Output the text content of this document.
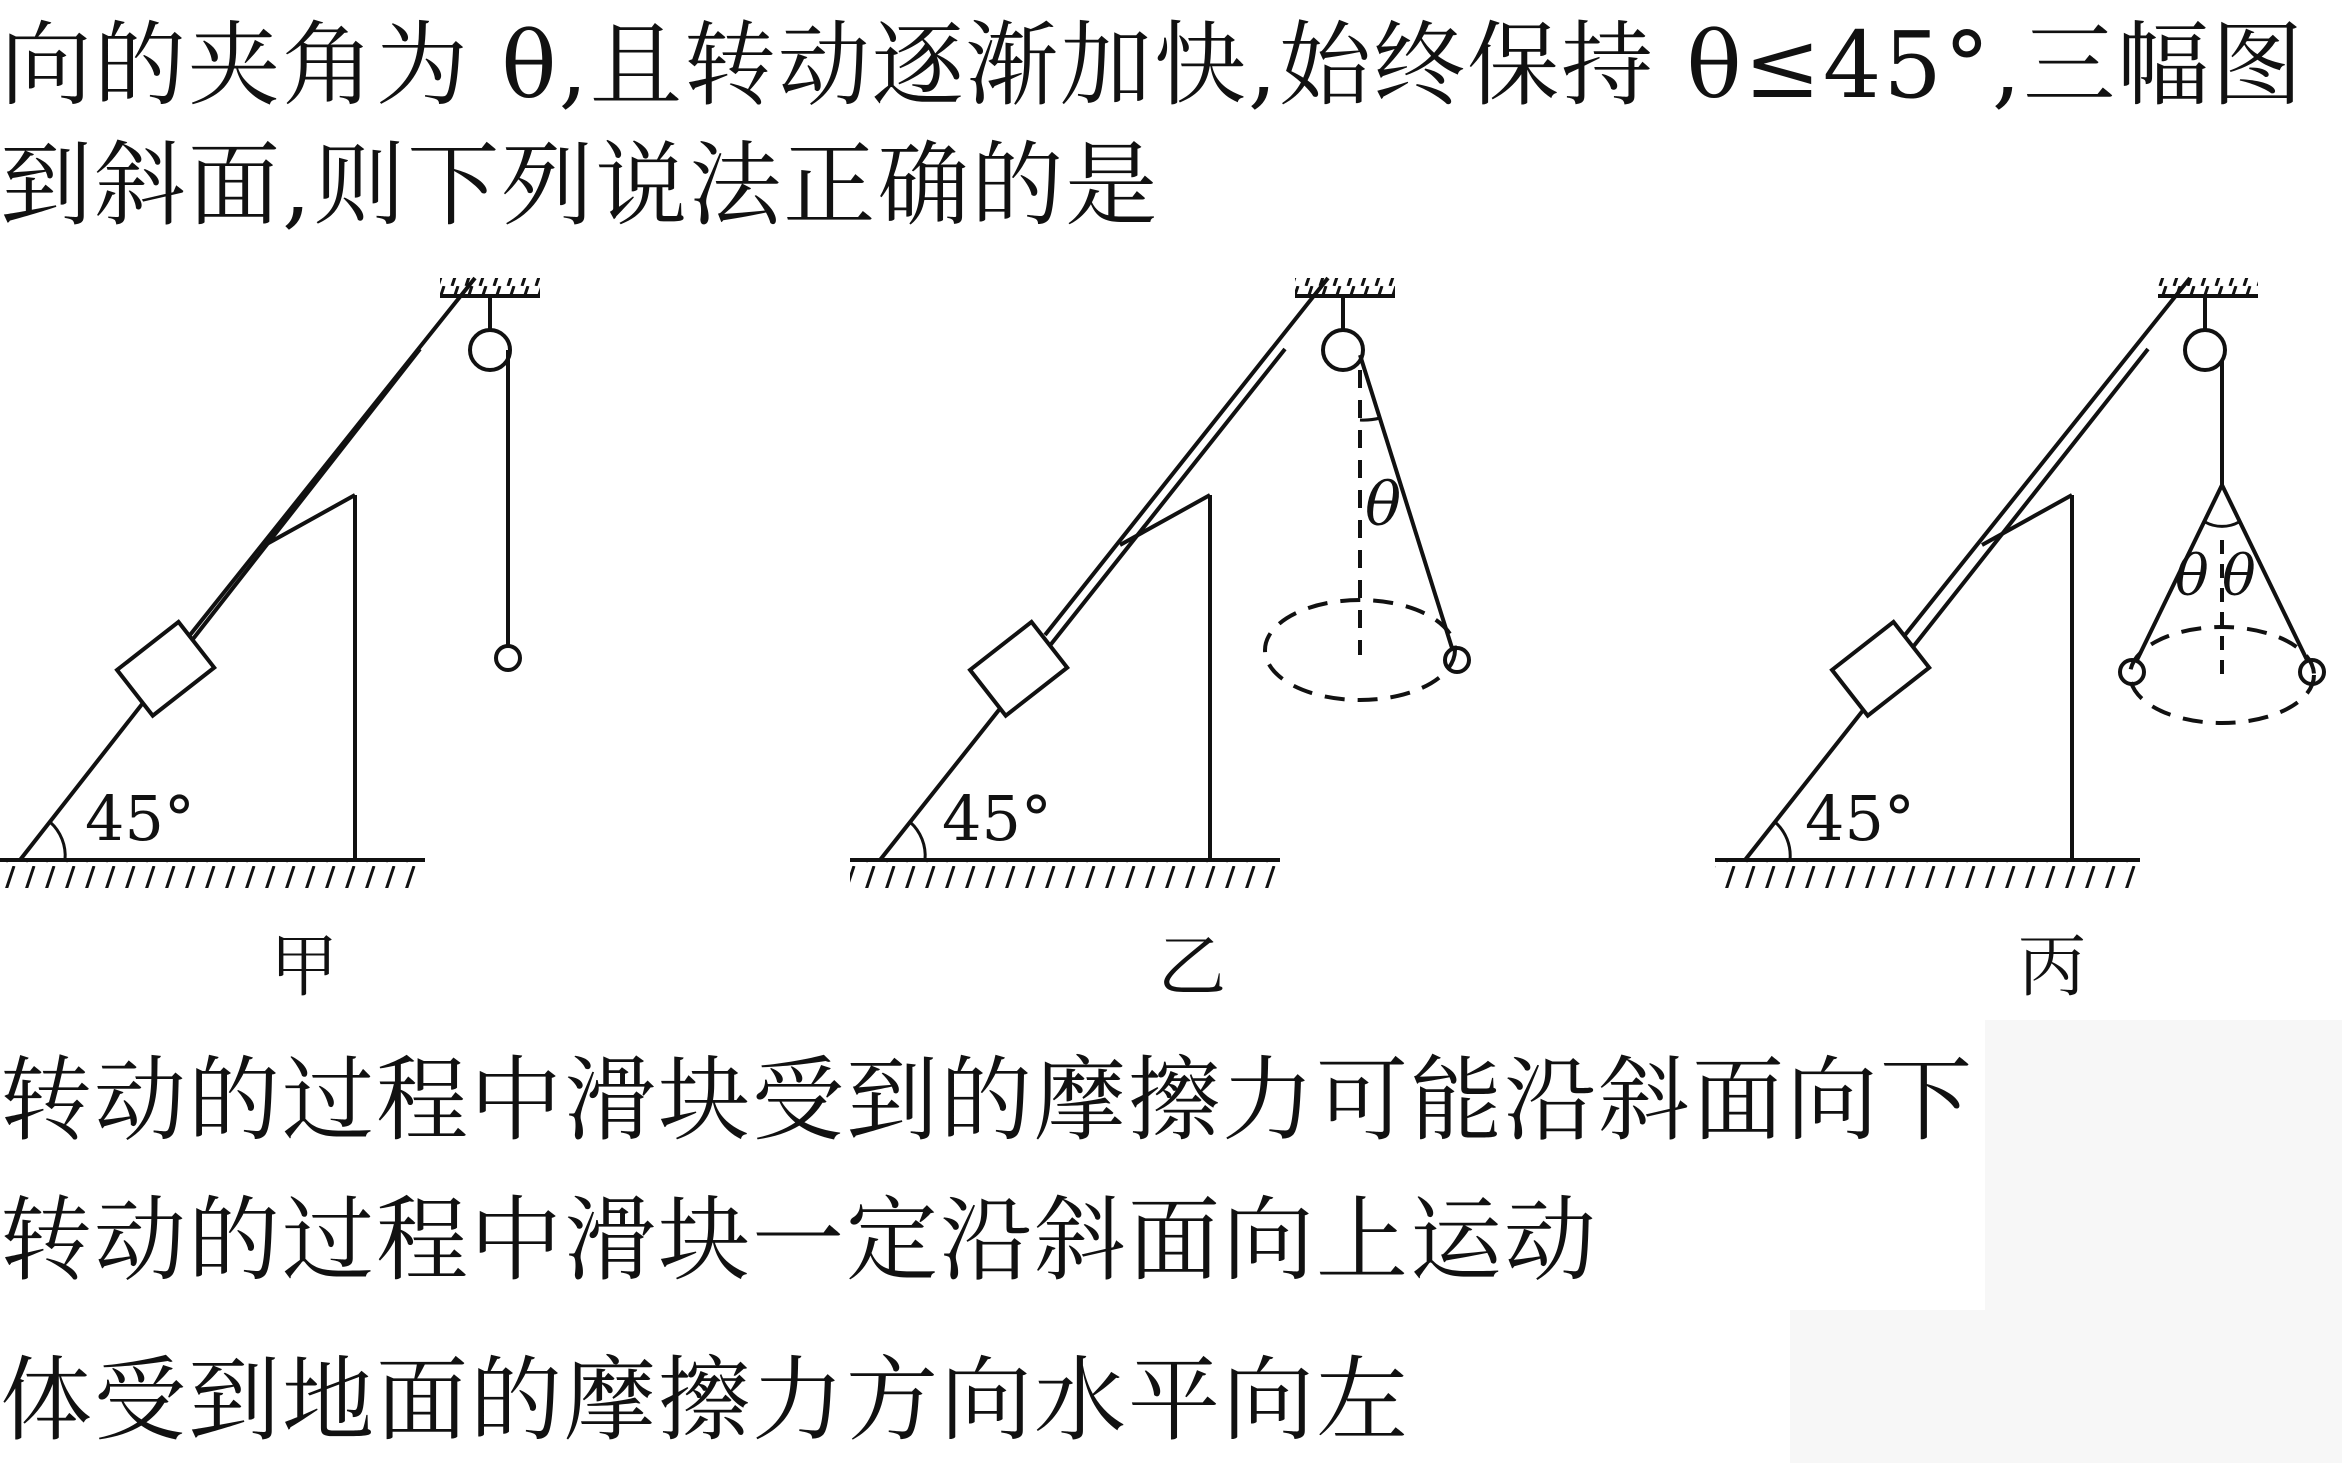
向的夹角为 θ,且转动逐渐加快,始终保持 θ≤45°,三幅图
到斜面,则下列说法正确的是
45°
甲
45°
θ
乙
45°
θ θ
丙
转动的过程中滑块受到的摩擦力可能沿斜面向下
转动的过程中滑块一定沿斜面向上运动
体受到地面的摩擦力方向水平向左
